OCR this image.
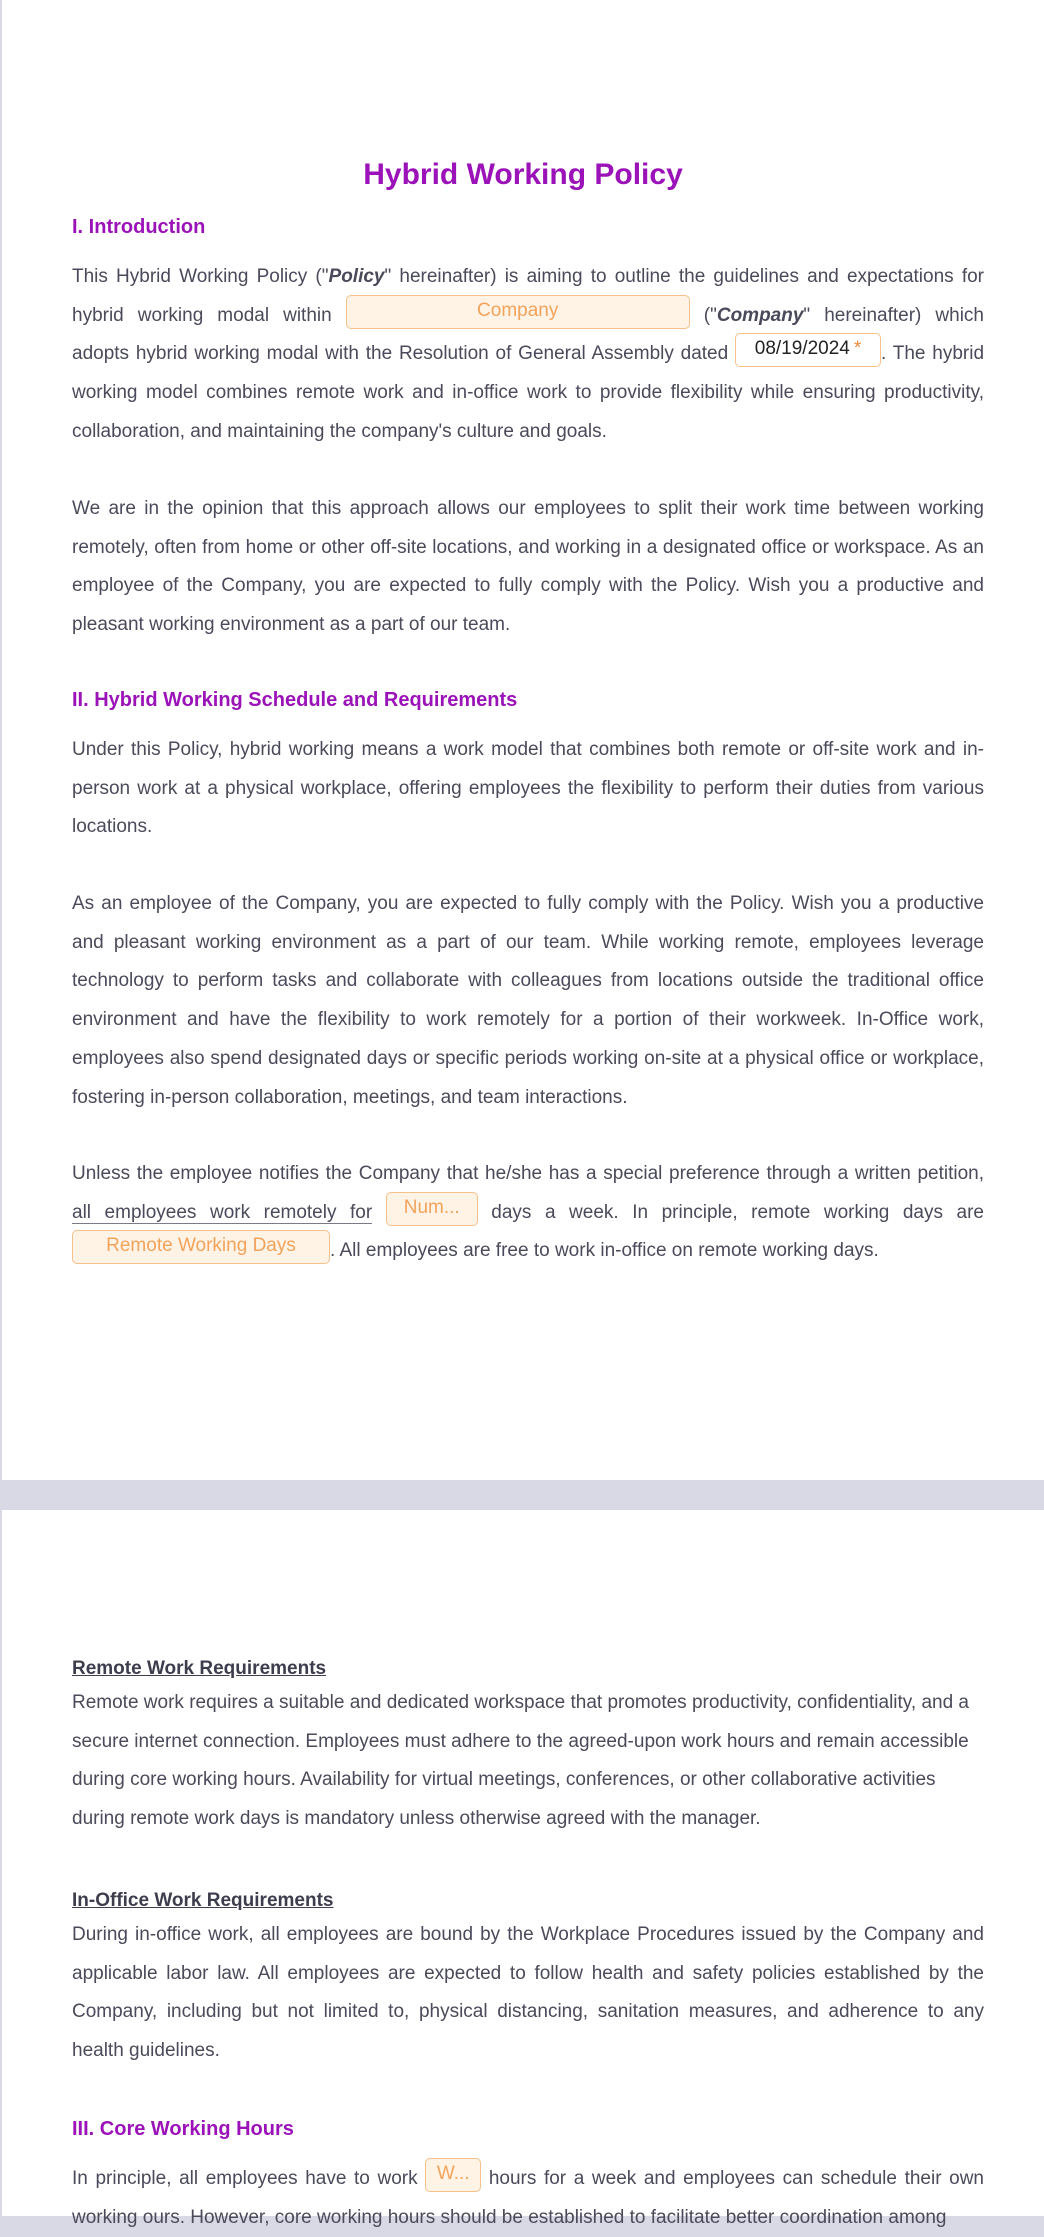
Hybrid Working Policy
I. Introduction

This Hybrid Working Policy ("Policy" hereinafter) is aiming to outline the guidelines and expectations for hybrid working modal within	Company	("Company" hereinafter) which adopts hybrid working modal with the Resolution of General Assembly dated 08/19/2024 * . The hybrid working model combines remote work and in-office work to provide flexibility while ensuring productivity, collaboration, and maintaining the company's culture and goals.

We are in the opinion that this approach allows our employees to split their work time between working remotely, often from home or other off-site locations, and working in a designated office or workspace. As an employee of the Company, you are expected to fully comply with the Policy. Wish you a productive and pleasant working environment as a part of our team.

II. Hybrid Working Schedule and Requirements

Under this Policy, hybrid working means a work model that combines both remote or off-site work and in-person work at a physical workplace, offering employees the flexibility to perform their duties from various locations.

As an employee of the Company, you are expected to fully comply with the Policy. Wish you a productive and pleasant working environment as a part of our team. While working remote, employees leverage technology to perform tasks and collaborate with colleagues from locations outside the traditional office environment and have the flexibility to work remotely for a portion of their workweek. In-Office work, employees also spend designated days or specific periods working on-site at a physical office or workplace, fostering in-person collaboration, meetings, and team interactions.

Unless the employee notifies the Company that he/she has a special preference through a written petition, all employees work remotely for Num... days a week. In principle, remote working days are Remote Working Days . All employees are free to work in-office on remote working days.

Remote Work Requirements

Remote work requires a suitable and dedicated workspace that promotes productivity, confidentiality, and a secure internet connection. Employees must adhere to the agreed-upon work hours and remain accessible during core working hours. Availability for virtual meetings, conferences, or other collaborative activities during remote work days is mandatory unless otherwise agreed with the manager.

In-Office Work Requirements

During in-office work, all employees are bound by the Workplace Procedures issued by the Company and applicable labor law. All employees are expected to follow health and safety policies established by the Company, including but not limited to, physical distancing, sanitation measures, and adherence to any health guidelines.

III. Core Working Hours

In principle, all employees have to work W... hours for a week and employees can schedule their own working ours. However, core working hours should be established to facilitate better coordination among
